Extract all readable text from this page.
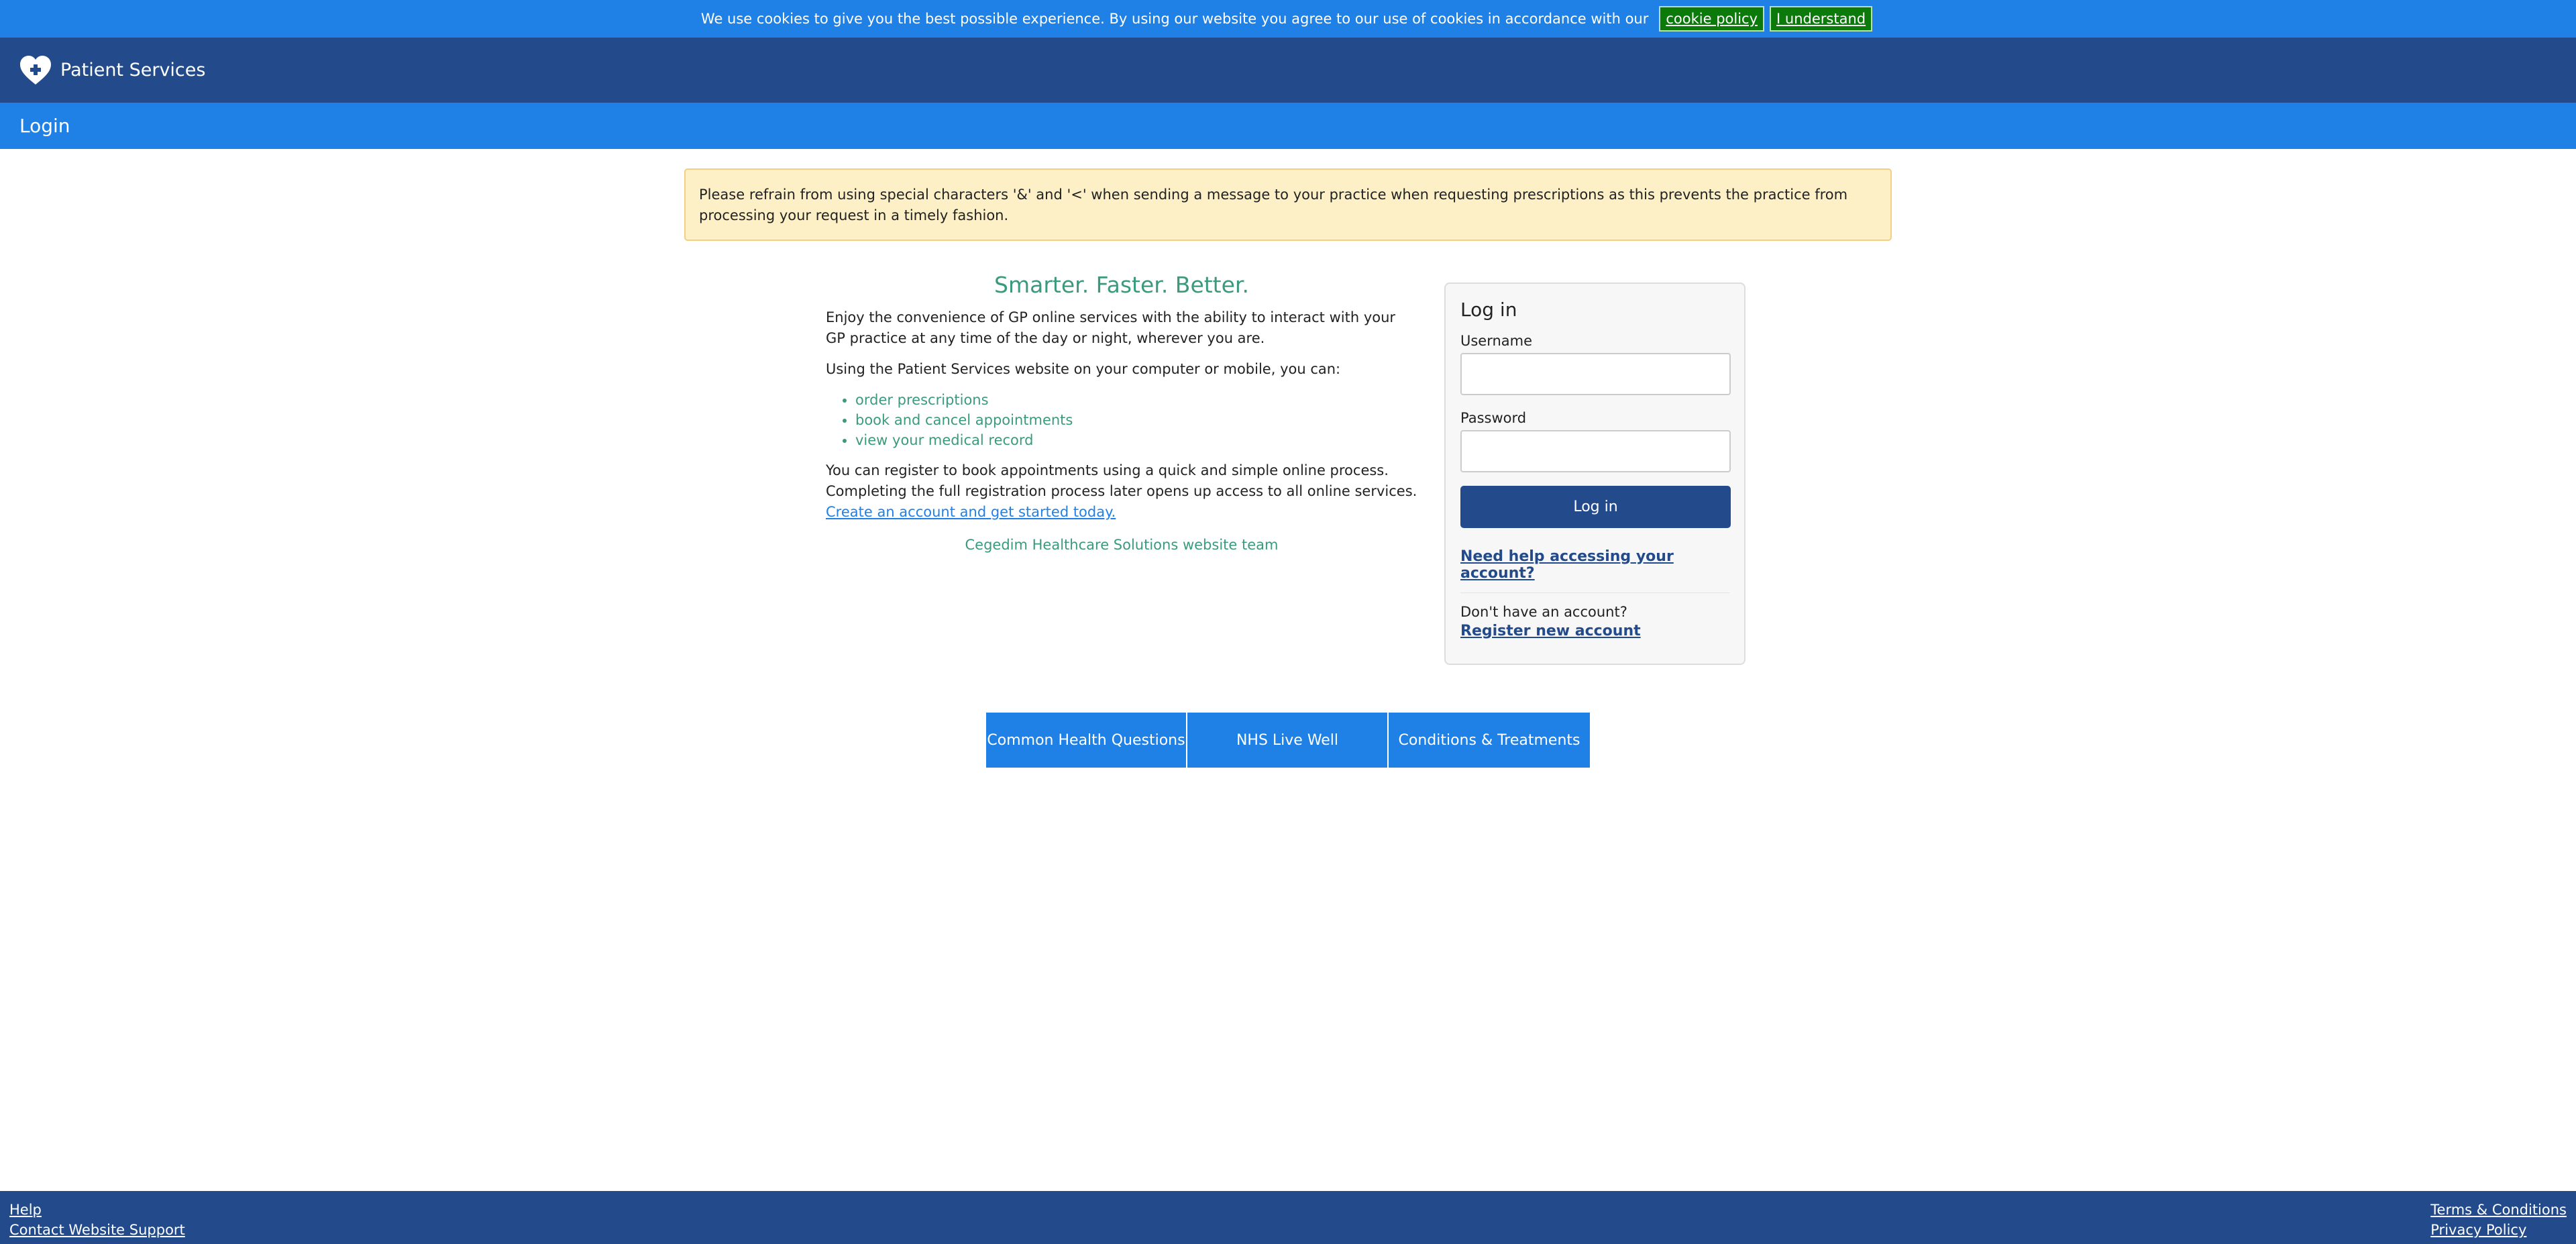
We use cookies to give you the best possible experience. By using our website you agree to our use of cookies in accordance with our	cookie policy	I understand
Patient Services
Login
Please refrain from using special characters '&' and '<' when sending a message to your practice when requesting prescriptions as this prevents the practice from processing your request in a timely fashion.
Smarter. Faster. Better.

Enjoy the convenience of GP online services with the ability to interact with your GP practice at any time of the day or night, wherever you are.

Using the Patient Services website on your computer or mobile, you can:

• order prescriptions
• book and cancel appointments
• view your medical record

You can register to book appointments using a quick and simple online process. Completing the full registration process later opens up access to all online services. Create an account and get started today.

Cegedim Healthcare Solutions website team

Log in
Username
Password
Log in
Need help accessing your account?
Don't have an account?
Register new account
Common Health Questions	NHS Live Well	Conditions & Treatments
Help
Contact Website Support
Terms & Conditions
Privacy Policy
